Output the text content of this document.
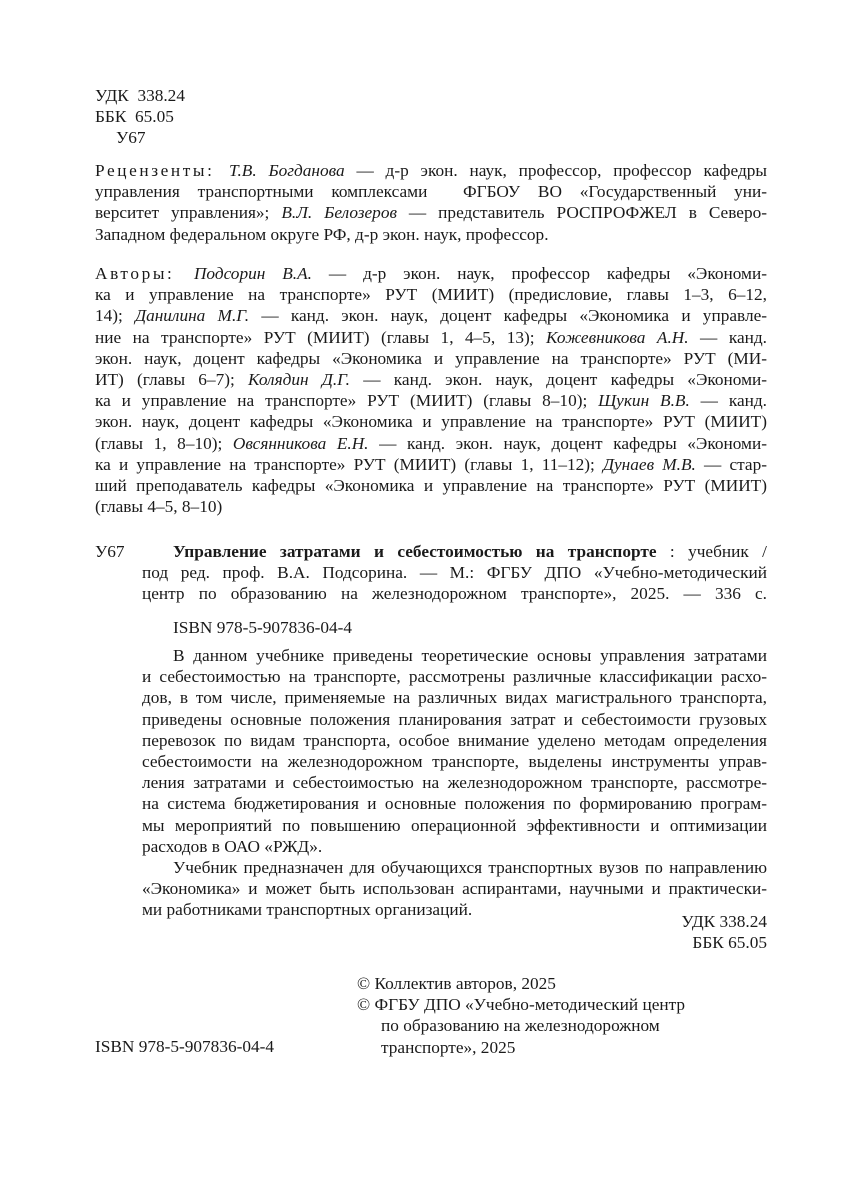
УДК  338.24
ББК  65.05
У67
Рецензенты: Т.В. Богданова — д-р экон. наук, профессор, профессор кафедры
управления транспортными комплексами  ФГБОУ ВО «Государственный уни-
верситет управления»; В.Л. Белозеров — представитель РОСПРОФЖЕЛ в Северо-
Западном федеральном округе РФ, д-р экон. наук, профессор.
Авторы: Подсорин В.А. — д-р экон. наук, профессор кафедры «Экономи-
ка и управление на транспорте» РУТ (МИИТ) (предисловие, главы 1–3, 6–12,
14); Данилина М.Г. — канд. экон. наук, доцент кафедры «Экономика и управле-
ние на транспорте» РУТ (МИИТ) (главы 1, 4–5, 13); Кожевникова А.Н. — канд.
экон. наук, доцент кафедры «Экономика и управление на транспорте» РУТ (МИ-
ИТ) (главы 6–7); Колядин Д.Г. — канд. экон. наук, доцент кафедры «Экономи-
ка и управление на транспорте» РУТ (МИИТ) (главы 8–10); Щукин В.В. — канд.
экон. наук, доцент кафедры «Экономика и управление на транспорте» РУТ (МИИТ)
(главы 1, 8–10); Овсянникова Е.Н. — канд. экон. наук, доцент кафедры «Экономи-
ка и управление на транспорте» РУТ (МИИТ) (главы 1, 11–12); Дунаев М.В. — стар-
ший преподаватель кафедры «Экономика и управление на транспорте» РУТ (МИИТ)
(главы 4–5, 8–10)
У67	Управление затратами и себестоимостью на транспорте : учебник /
под ред. проф. В.А. Подсорина. — М.: ФГБУ ДПО «Учебно-методический
центр по образованию на железнодорожном транспорте», 2025. — 336 с.
ISBN 978-5-907836-04-4
В данном учебнике приведены теоретические основы управления затратами
и себестоимостью на транспорте, рассмотрены различные классификации расхо-
дов, в том числе, применяемые на различных видах магистрального транспорта,
приведены основные положения планирования затрат и себестоимости грузовых
перевозок по видам транспорта, особое внимание уделено методам определения
себестоимости на железнодорожном транспорте, выделены инструменты управ-
ления затратами и себестоимостью на железнодорожном транспорте, рассмотре-
на система бюджетирования и основные положения по формированию програм-
мы мероприятий по повышению операционной эффективности и оптимизации
расходов в ОАО «РЖД».
Учебник предназначен для обучающихся транспортных вузов по направлению
«Экономика» и может быть использован аспирантами, научными и практически-
ми работниками транспортных организаций.
УДК 338.24
ББК 65.05
© Коллектив авторов, 2025
© ФГБУ ДПО «Учебно-методический центр
по образованию на железнодорожном
транспорте», 2025
ISBN 978-5-907836-04-4
